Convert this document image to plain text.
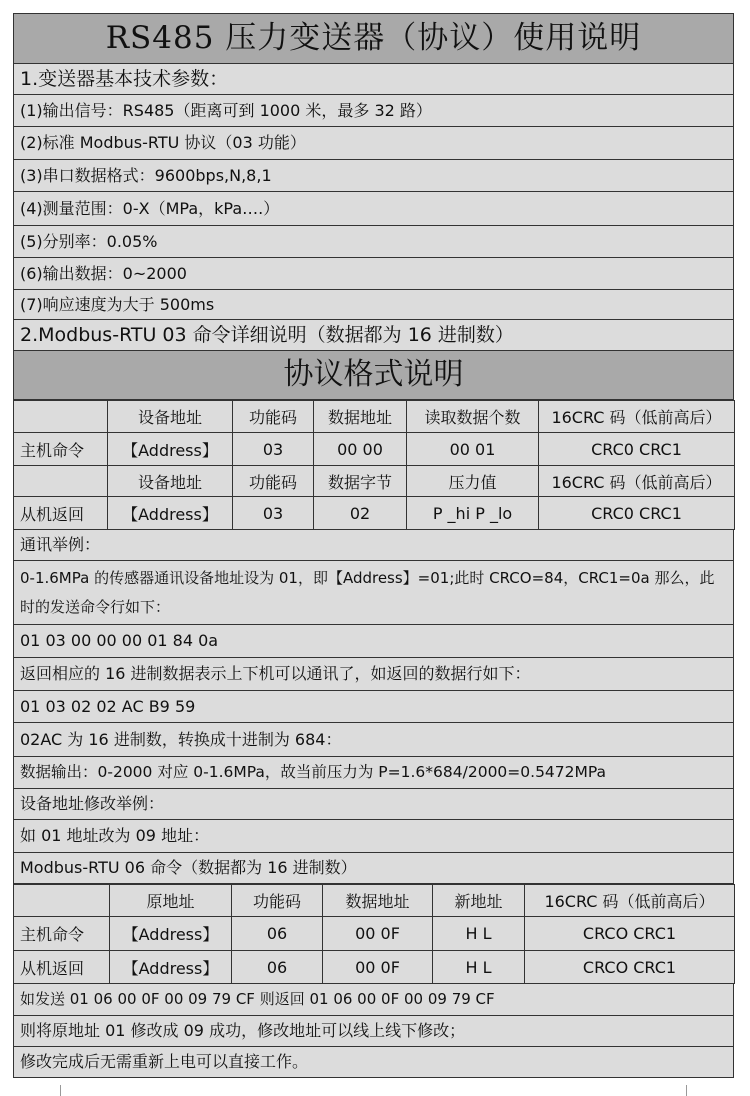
RS485 压力变送器（协议）使用说明
1.变送器基本技术参数：
(1)输出信号：RS485（距离可到 1000 米，最多 32 路）
(2)标准 Modbus-RTU 协议（03 功能）
(3)串口数据格式：9600bps,N,8,1
(4)测量范围：0-X（MPa，kPa….）
(5)分别率：0.05%
(6)输出数据：0~2000
(7)响应速度为大于 500ms
2.Modbus-RTU 03 命令详细说明（数据都为 16 进制数）
协议格式说明
	设备地址	功能码	数据地址	读取数据个数	16CRC 码（低前高后）
主机命令	【Address】	03	00 00	00 01	CRC0 CRC1
	设备地址	功能码	数据字节	压力值	16CRC 码（低前高后）
从机返回	【Address】	03	02	P _hi P _lo	CRC0 CRC1
通讯举例：
0-1.6MPa 的传感器通讯设备地址设为 01，即【Address】=01;此时 CRCO=84，CRC1=0a 那么，此时的发送命令行如下：
01 03 00 00 00 01 84 0a
返回相应的 16 进制数据表示上下机可以通讯了，如返回的数据行如下：
01 03 02 02 AC B9 59
02AC 为 16 进制数，转换成十进制为 684：
数据输出：0-2000 对应 0-1.6MPa，故当前压力为 P=1.6*684/2000=0.5472MPa
设备地址修改举例：
如 01 地址改为 09 地址：
Modbus-RTU 06 命令（数据都为 16 进制数）
	原地址	功能码	数据地址	新地址	16CRC 码（低前高后）
主机命令	【Address】	06	00 0F	H L	CRCO CRC1
从机返回	【Address】	06	00 0F	H L	CRCO CRC1
如发送 01 06 00 0F 00 09 79 CF 则返回 01 06 00 0F 00 09 79 CF
则将原地址 01 修改成 09 成功，修改地址可以线上线下修改；
修改完成后无需重新上电可以直接工作。
